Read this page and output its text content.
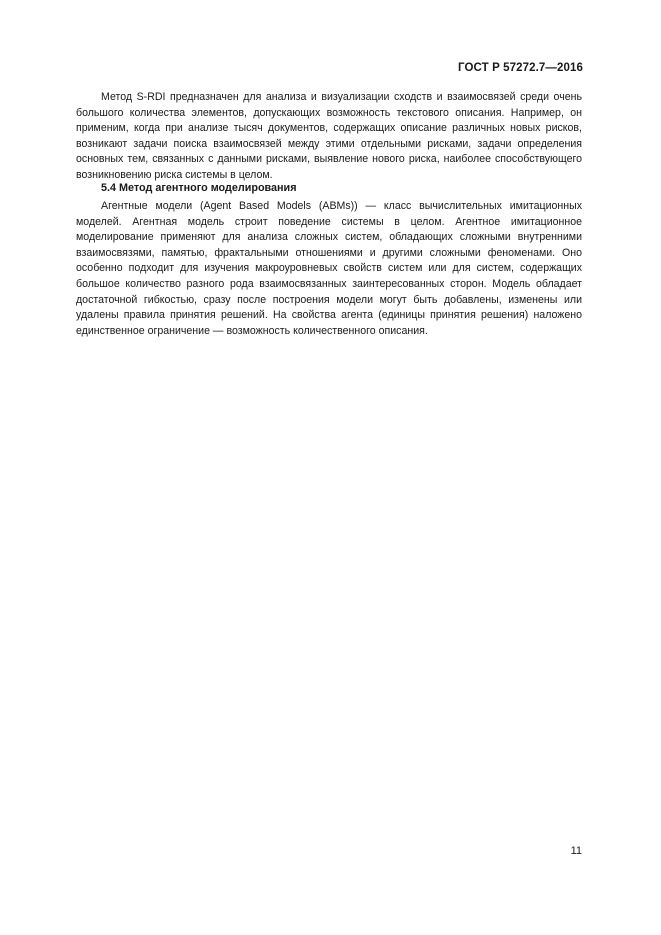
ГОСТ Р 57272.7—2016
Метод S-RDI предназначен для анализа и визуализации сходств и взаимосвязей среди очень большого количества элементов, допускающих возможность текстового описания. Например, он применим, когда при анализе тысяч документов, содержащих описание различных новых рисков, возникают задачи поиска взаимосвязей между этими отдельными рисками, задачи определения основных тем, связанных с данными рисками, выявление нового риска, наиболее способствующего возникновению риска системы в целом.
5.4 Метод агентного моделирования
Агентные модели (Agent Based Models (ABMs)) — класс вычислительных имитационных моделей. Агентная модель строит поведение системы в целом. Агентное имитационное моделирование применяют для анализа сложных систем, обладающих сложными внутренними взаимосвязями, памятью, фрактальными отношениями и другими сложными феноменами. Оно особенно подходит для изучения макроуровневых свойств систем или для систем, содержащих большое количество разного рода взаимосвязанных заинтересованных сторон. Модель обладает достаточной гибкостью, сразу после построения модели могут быть добавлены, изменены или удалены правила принятия решений. На свойства агента (единицы принятия решения) наложено единственное ограничение — возможность количественного описания.
11
